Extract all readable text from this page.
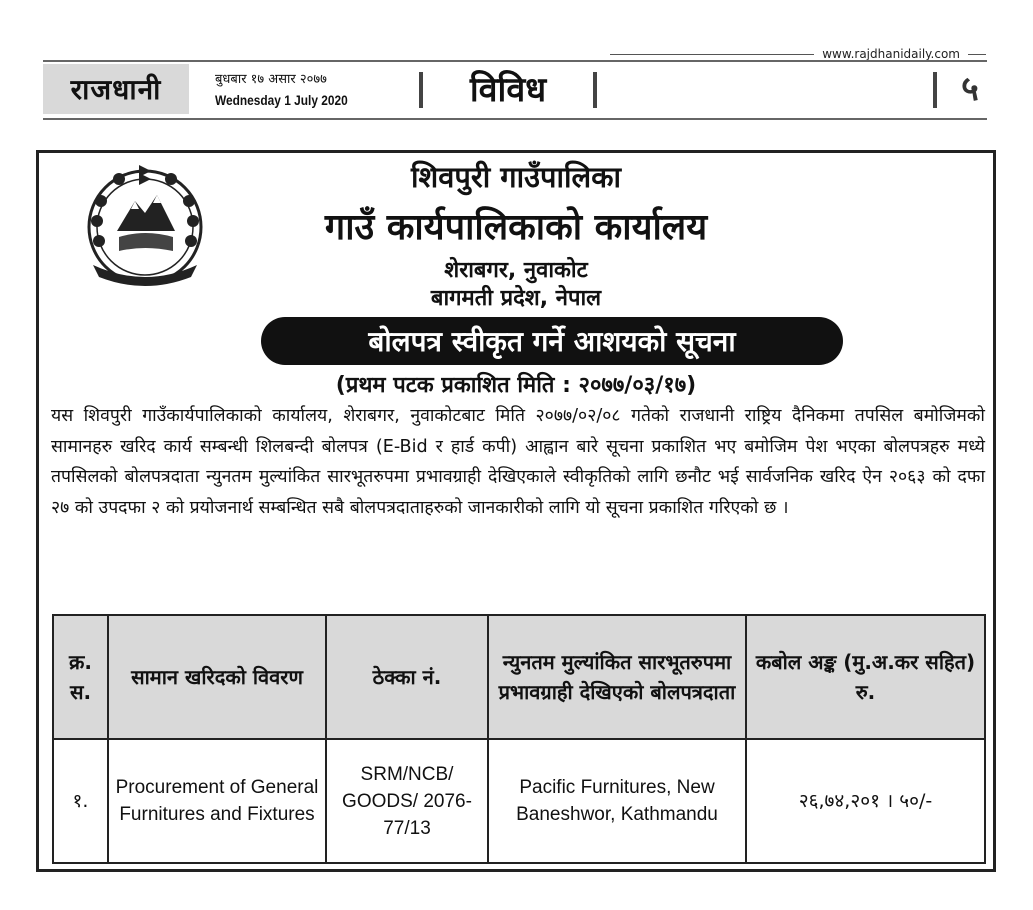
www.rajdhanidaily.com
राजधानी	बुधबार १७ असार २०७७
Wednesday 1 July 2020	विविध	५
शिवपुरी गाउँपालिका
गाउँ कार्यपालिकाको कार्यालय
शेराबगर, नुवाकोट
बागमती प्रदेश, नेपाल
बोलपत्र स्वीकृत गर्ने आशयको सूचना
(प्रथम पटक प्रकाशित मिति : २०७७/०३/१७)
यस शिवपुरी गाउँकार्यपालिकाको कार्यालय, शेराबगर, नुवाकोटबाट मिति २०७७/०२/०८ गतेको राजधानी राष्ट्रिय दैनिकमा तपसिल बमोजिमको सामानहरु खरिद कार्य सम्बन्धी शिलबन्दी बोलपत्र (E-Bid र हार्ड कपी) आह्वान बारे सूचना प्रकाशित भए बमोजिम पेश भएका बोलपत्रहरु मध्ये तपसिलको बोलपत्रदाता न्युनतम मुल्यांकित सारभूतरुपमा प्रभावग्राही देखिएकाले स्वीकृतिको लागि छनौट भई सार्वजनिक खरिद ऐन २०६३ को दफा २७ को उपदफा २ को प्रयोजनार्थ सम्बन्धित सबै बोलपत्रदाताहरुको जानकारीको लागि यो सूचना प्रकाशित गरिएको छ ।
क्र. स.	सामान खरिदको विवरण	ठेक्का नं.	न्युनतम मुल्यांकित सारभूतरुपमा प्रभावग्राही देखिएको बोलपत्रदाता	कबोल अङ्क (मु.अ.कर सहित) रु.
१.	Procurement of General Furnitures and Fixtures	SRM/NCB/ GOODS/ 2076-77/13	Pacific Furnitures, New Baneshwor, Kathmandu	२६,७४,२०१ । ५०/-
